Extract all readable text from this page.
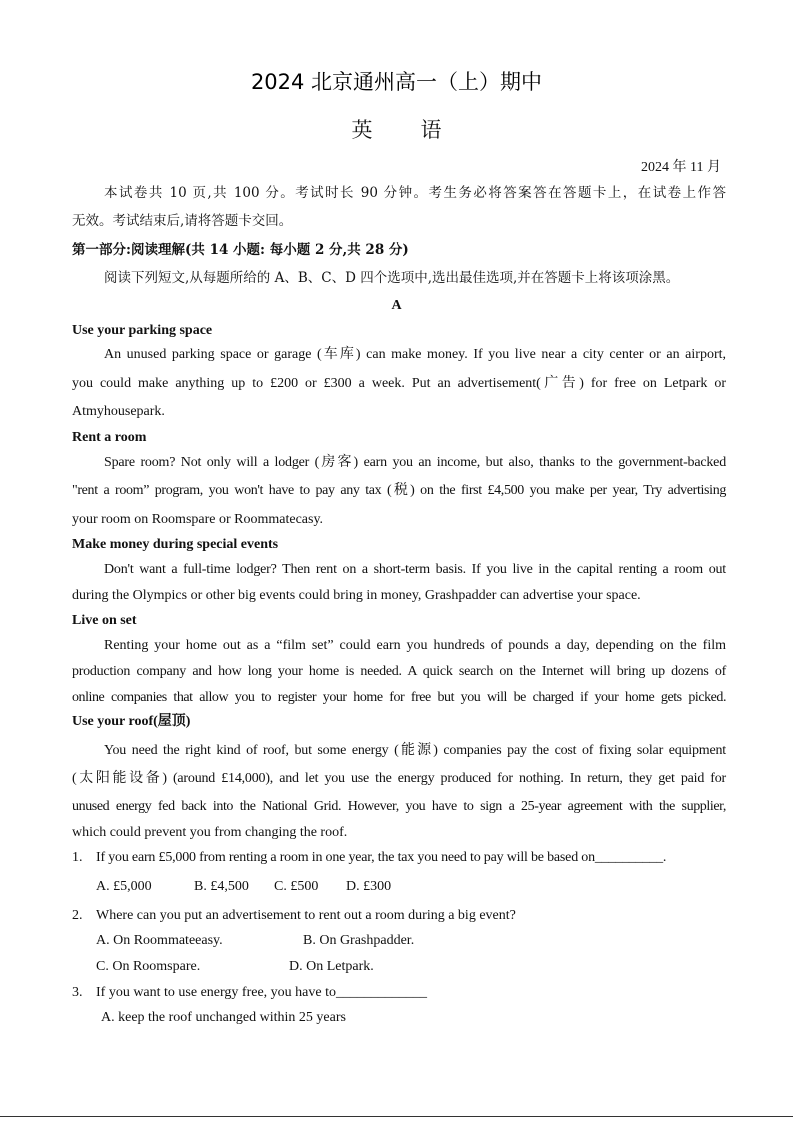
2024 北京通州高一（上）期中
英语
2024 年 11 月
本试卷共 10 页,共 100 分。考试时长 90 分钟。考生务必将答案答在答题卡上，在试卷上作答
无效。考试结束后,请将答题卡交回。
第一部分:阅读理解(共 14 小题: 每小题 2 分,共 28 分)
阅读下列短文,从每题所给的 A、B、C、D 四个选项中,选出最佳选项,并在答题卡上将该项涂黑。
A
Use your parking space
An unused parking space or garage (车库) can make money. If you live near a city center or an airport,
you could make anything up to £200 or £300 a week. Put an advertisement(广告) for free on Letpark or
Atmyhousepark.
Rent a room
Spare room? Not only will a lodger (房客) earn you an income, but also, thanks to the government-backed
"rent a room” program, you won't have to pay any tax (税) on the first £4,500 you make per year, Try advertising
your room on Roomspare or Roommatecasy.
Make money during special events
Don't want a full-time lodger? Then rent on a short-term basis. If you live in the capital renting a room out
during the Olympics or other big events could bring in money, Grashpadder can advertise your space.
Live on set
Renting your home out as a “film set” could earn you hundreds of pounds a day, depending on the film
production company and how long your home is needed. A quick search on the Internet will bring up dozens of
online companies that allow you to register your home for free but you will be charged if your home gets picked.
Use your roof(屋顶)
You need the right kind of roof, but some energy (能源) companies pay the cost of fixing solar equipment
(太阳能设备) (around £14,000), and let you use the energy produced for nothing. In return, they get paid for
unused energy fed back into the National Grid. However, you have to sign a 25-year agreement with the supplier,
which could prevent you from changing the roof.
1. If you earn £5,000 from renting a room in one year, the tax you need to pay will be based on__________.
A. £5,000	B. £4,500 C. £500 D. £300
2. Where can you put an advertisement to rent out a room during a big event?
A. On Roommateeasy.	B. On Grashpadder.
C. On Roomspare.	D. On Letpark.
3. If you want to use energy free, you have to_____________
A. keep the roof unchanged within 25 years
